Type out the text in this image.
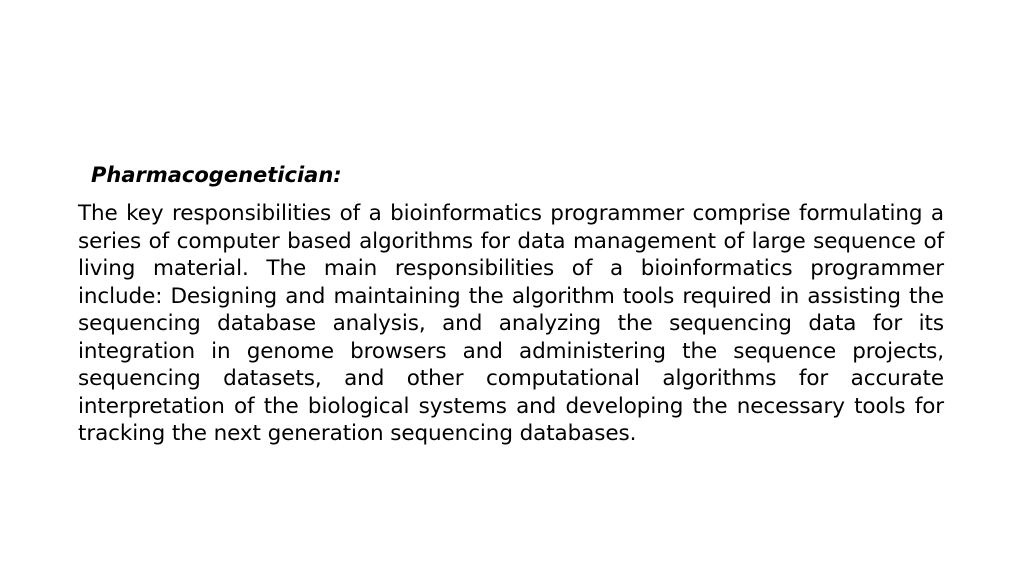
Pharmacogenetician:

The key responsibilities of a bioinformatics programmer comprise formulating a series of computer based algorithms for data management of large sequence of living material. The main responsibilities of a bioinformatics programmer include: Designing and maintaining the algorithm tools required in assisting the sequencing database analysis, and analyzing the sequencing data for its integration in genome browsers and administering the sequence projects, sequencing datasets, and other computational algorithms for accurate interpretation of the biological systems and developing the necessary tools for tracking the next generation sequencing databases.
